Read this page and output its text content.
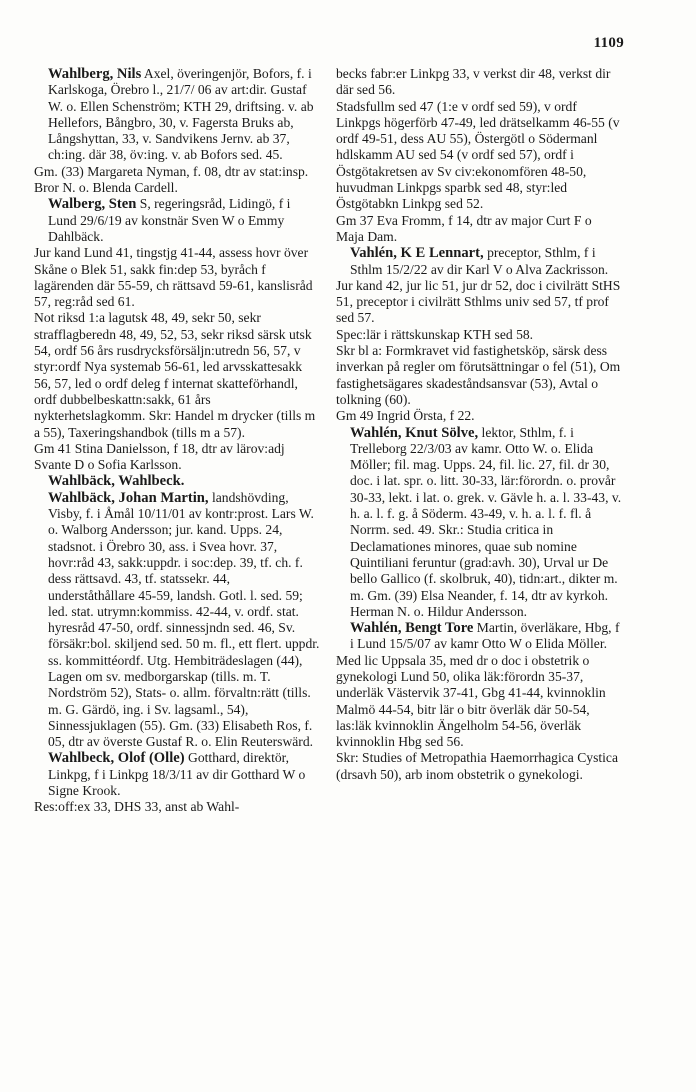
1109

Wahlberg, Nils Axel, överingenjör, Bofors, f. i Karlskoga, Örebro l., 21/7/ 06 av art:dir. Gustaf W. o. Ellen Schenström; KTH 29, driftsing. v. ab Hellefors, Bångbro, 30, v. Fagersta Bruks ab, Långshyttan, 33, v. Sandvikens Jernv. ab 37, ch:ing. där 38, öv:ing. v. ab Bofors sed. 45.

Gm. (33) Margareta Nyman, f. 08, dtr av stat:insp. Bror N. o. Blenda Cardell.

Walberg, Sten S, regeringsråd, Lidingö, f i Lund 29/6/19 av konstnär Sven W o Emmy Dahlbäck.

Jur kand Lund 41, tingstjg 41-44, assess hovr över Skåne o Blek 51, sakk fin:dep 53, byråch f lagärenden där 55-59, ch rättsavd 59-61, kanslisråd 57, reg:råd sed 61.

Not riksd 1:a lagutsk 48, 49, sekr 50, sekr strafflagberedn 48, 49, 52, 53, sekr riksd särsk utsk 54, ordf 56 års rusdrycksförsäljn:utredn 56, 57, v styr:ordf Nya systemab 56-61, led arvsskattesakk 56, 57, led o ordf deleg f internat skatteförhandl, ordf dubbelbeskattn:sakk, 61 års nykterhetslagkomm. Skr: Handel m drycker (tills m a 55), Taxeringshandbok (tills m a 57).

Gm 41 Stina Danielsson, f 18, dtr av lärov:adj Svante D o Sofia Karlsson.

Wahlbäck, Wahlbeck.

Wahlbäck, Johan Martin, landshövding, Visby, f. i Åmål 10/11/01 av kontr:prost. Lars W. o. Walborg Andersson; jur. kand. Upps. 24, stadsnot. i Örebro 30, ass. i Svea hovr. 37, hovr:råd 43, sakk:uppdr. i soc:dep. 39, tf. ch. f. dess rättsavd. 43, tf. statssekr. 44, underståthållare 45-59, landsh. Gotl. l. sed. 59; led. stat. utrymn:kommiss. 42-44, v. ordf. stat. hyresråd 47-50, ordf. sinnessjndn sed. 46, Sv. försäkr:bol. skiljend sed. 50 m. fl., ett flert. uppdr. ss. kommittéordf. Utg. Hembiträdeslagen (44), Lagen om sv. medborgarskap (tills. m. T. Nordström 52), Stats- o. allm. förvaltn:rätt (tills. m. G. Gärdö, ing. i Sv. lagsaml., 54), Sinnessjuklagen (55). Gm. (33) Elisabeth Ros, f. 05, dtr av överste Gustaf R. o. Elin Reuterswärd.

Wahlbeck, Olof (Olle) Gotthard, direktör, Linkpg, f i Linkpg 18/3/11 av dir Gotthard W o Signe Krook.

Res:off:ex 33, DHS 33, anst ab Wahl-

becks fabr:er Linkpg 33, v verkst dir 48, verkst dir där sed 56.

Stadsfullm sed 47 (1:e v ordf sed 59), v ordf Linkpgs högerförb 47-49, led drätselkamm 46-55 (v ordf 49-51, dess AU 55), Östergötl o Södermanl hdlskamm AU sed 54 (v ordf sed 57), ordf i Östgötakretsen av Sv civ:ekonomfören 48-50, huvudman Linkpgs sparbk sed 48, styr:led Östgötabkn Linkpg sed 52.

Gm 37 Eva Fromm, f 14, dtr av major Curt F o Maja Dam.

Vahlén, K E Lennart, preceptor, Sthlm, f i Sthlm 15/2/22 av dir Karl V o Alva Zackrisson.

Jur kand 42, jur lic 51, jur dr 52, doc i civilrätt StHS 51, preceptor i civilrätt Sthlms univ sed 57, tf prof sed 57.

Spec:lär i rättskunskap KTH sed 58.

Skr bl a: Formkravet vid fastighetsköp, särsk dess inverkan på regler om förutsättningar o fel (51), Om fastighetsägares skadeståndsansvar (53), Avtal o tolkning (60).

Gm 49 Ingrid Örsta, f 22.

Wahlén, Knut Sölve, lektor, Sthlm, f. i Trelleborg 22/3/03 av kamr. Otto W. o. Elida Möller; fil. mag. Upps. 24, fil. lic. 27, fil. dr 30, doc. i lat. spr. o. litt. 30-33, lär:förordn. o. provår 30-33, lekt. i lat. o. grek. v. Gävle h. a. l. 33-43, v. h. a. l. f. g. å Söderm. 43-49, v. h. a. l. f. fl. å Norrm. sed. 49. Skr.: Studia critica in Declamationes minores, quae sub nomine Quintiliani feruntur (grad:avh. 30), Urval ur De bello Gallico (f. skolbruk, 40), tidn:art., dikter m. m. Gm. (39) Elsa Neander, f. 14, dtr av kyrkoh. Herman N. o. Hildur Andersson.

Wahlén, Bengt Tore Martin, överläkare, Hbg, f i Lund 15/5/07 av kamr Otto W o Elida Möller.

Med lic Uppsala 35, med dr o doc i obstetrik o gynekologi Lund 50, olika läk:förordn 35-37, underläk Västervik 37-41, Gbg 41-44, kvinnoklin Malmö 44-54, bitr lär o bitr överläk där 50-54, las:läk kvinnoklin Ängelholm 54-56, överläk kvinnoklin Hbg sed 56.

Skr: Studies of Metropathia Haemorrhagica Cystica (drsavh 50), arb inom obstetrik o gynekologi.
